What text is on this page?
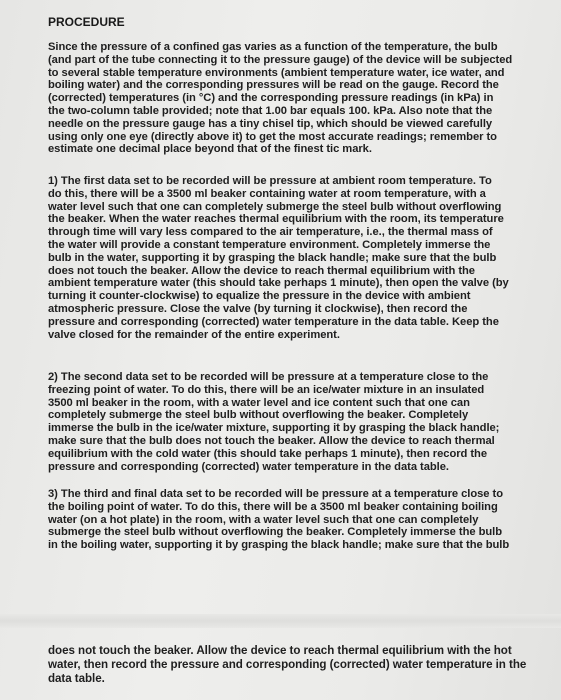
PROCEDURE

Since the pressure of a confined gas varies as a function of the temperature, the bulb
(and part of the tube connecting it to the pressure gauge) of the device will be subjected
to several stable temperature environments (ambient temperature water, ice water, and
boiling water) and the corresponding pressures will be read on the gauge. Record the
(corrected) temperatures (in °C) and the corresponding pressure readings (in kPa) in
the two-column table provided; note that 1.00 bar equals 100. kPa. Also note that the
needle on the pressure gauge has a tiny chisel tip, which should be viewed carefully
using only one eye (directly above it) to get the most accurate readings; remember to
estimate one decimal place beyond that of the finest tic mark.

1) The first data set to be recorded will be pressure at ambient room temperature. To
do this, there will be a 3500 ml beaker containing water at room temperature, with a
water level such that one can completely submerge the steel bulb without overflowing
the beaker. When the water reaches thermal equilibrium with the room, its temperature
through time will vary less compared to the air temperature, i.e., the thermal mass of
the water will provide a constant temperature environment. Completely immerse the
bulb in the water, supporting it by grasping the black handle; make sure that the bulb
does not touch the beaker. Allow the device to reach thermal equilibrium with the
ambient temperature water (this should take perhaps 1 minute), then open the valve (by
turning it counter-clockwise) to equalize the pressure in the device with ambient
atmospheric pressure. Close the valve (by turning it clockwise), then record the
pressure and corresponding (corrected) water temperature in the data table. Keep the
valve closed for the remainder of the entire experiment.

2) The second data set to be recorded will be pressure at a temperature close to the
freezing point of water. To do this, there will be an ice/water mixture in an insulated
3500 ml beaker in the room, with a water level and ice content such that one can
completely submerge the steel bulb without overflowing the beaker. Completely
immerse the bulb in the ice/water mixture, supporting it by grasping the black handle;
make sure that the bulb does not touch the beaker. Allow the device to reach thermal
equilibrium with the cold water (this should take perhaps 1 minute), then record the
pressure and corresponding (corrected) water temperature in the data table.

3) The third and final data set to be recorded will be pressure at a temperature close to
the boiling point of water. To do this, there will be a 3500 ml beaker containing boiling
water (on a hot plate) in the room, with a water level such that one can completely
submerge the steel bulb without overflowing the beaker. Completely immerse the bulb
in the boiling water, supporting it by grasping the black handle; make sure that the bulb

does not touch the beaker. Allow the device to reach thermal equilibrium with the hot
water, then record the pressure and corresponding (corrected) water temperature in the
data table.
